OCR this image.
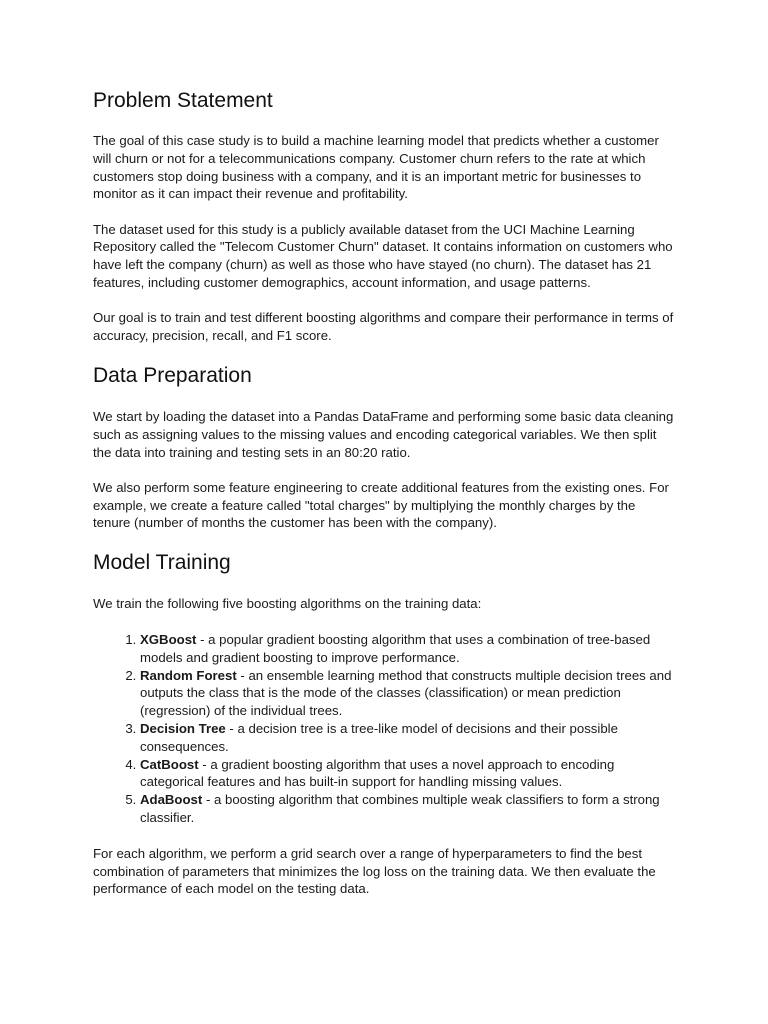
Problem Statement

The goal of this case study is to build a machine learning model that predicts whether a customer will churn or not for a telecommunications company. Customer churn refers to the rate at which customers stop doing business with a company, and it is an important metric for businesses to monitor as it can impact their revenue and profitability.

The dataset used for this study is a publicly available dataset from the UCI Machine Learning Repository called the "Telecom Customer Churn" dataset. It contains information on customers who have left the company (churn) as well as those who have stayed (no churn). The dataset has 21 features, including customer demographics, account information, and usage patterns.

Our goal is to train and test different boosting algorithms and compare their performance in terms of accuracy, precision, recall, and F1 score.

Data Preparation

We start by loading the dataset into a Pandas DataFrame and performing some basic data cleaning such as assigning values to the missing values and encoding categorical variables. We then split the data into training and testing sets in an 80:20 ratio.

We also perform some feature engineering to create additional features from the existing ones. For example, we create a feature called "total charges" by multiplying the monthly charges by the tenure (number of months the customer has been with the company).

Model Training

We train the following five boosting algorithms on the training data:

1. XGBoost - a popular gradient boosting algorithm that uses a combination of tree-based models and gradient boosting to improve performance.
2. Random Forest - an ensemble learning method that constructs multiple decision trees and outputs the class that is the mode of the classes (classification) or mean prediction (regression) of the individual trees.
3. Decision Tree - a decision tree is a tree-like model of decisions and their possible consequences.
4. CatBoost - a gradient boosting algorithm that uses a novel approach to encoding categorical features and has built-in support for handling missing values.
5. AdaBoost - a boosting algorithm that combines multiple weak classifiers to form a strong classifier.

For each algorithm, we perform a grid search over a range of hyperparameters to find the best combination of parameters that minimizes the log loss on the training data. We then evaluate the performance of each model on the testing data.
